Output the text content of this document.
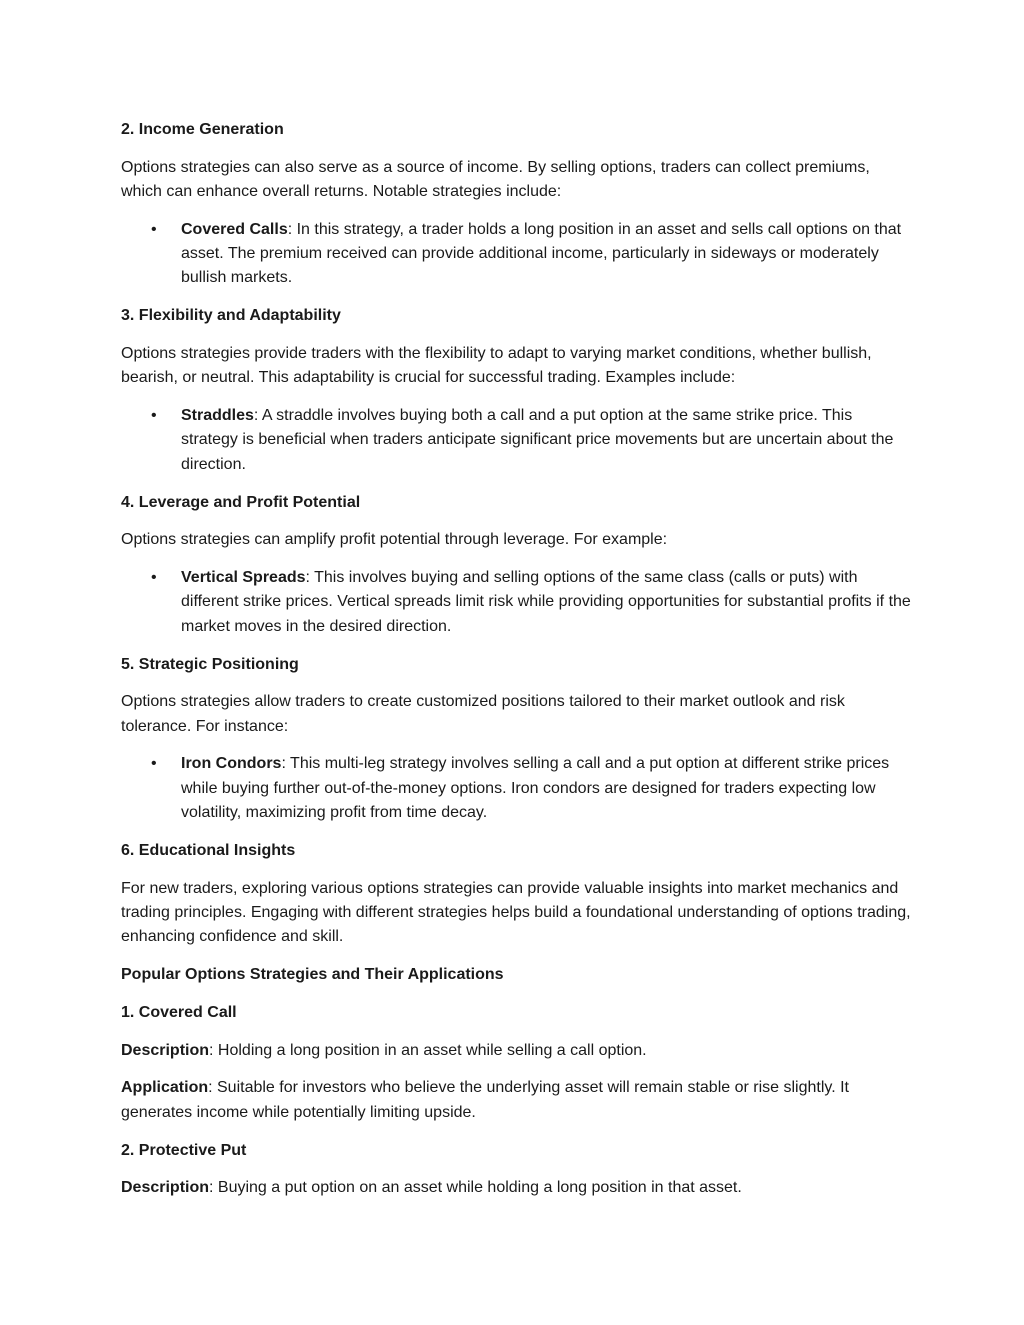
2. Income Generation
Options strategies can also serve as a source of income. By selling options, traders can collect premiums, which can enhance overall returns. Notable strategies include:
• Covered Calls: In this strategy, a trader holds a long position in an asset and sells call options on that asset. The premium received can provide additional income, particularly in sideways or moderately bullish markets.
3. Flexibility and Adaptability
Options strategies provide traders with the flexibility to adapt to varying market conditions, whether bullish, bearish, or neutral. This adaptability is crucial for successful trading. Examples include:
• Straddles: A straddle involves buying both a call and a put option at the same strike price. This strategy is beneficial when traders anticipate significant price movements but are uncertain about the direction.
4. Leverage and Profit Potential
Options strategies can amplify profit potential through leverage. For example:
• Vertical Spreads: This involves buying and selling options of the same class (calls or puts) with different strike prices. Vertical spreads limit risk while providing opportunities for substantial profits if the market moves in the desired direction.
5. Strategic Positioning
Options strategies allow traders to create customized positions tailored to their market outlook and risk tolerance. For instance:
• Iron Condors: This multi-leg strategy involves selling a call and a put option at different strike prices while buying further out-of-the-money options. Iron condors are designed for traders expecting low volatility, maximizing profit from time decay.
6. Educational Insights
For new traders, exploring various options strategies can provide valuable insights into market mechanics and trading principles. Engaging with different strategies helps build a foundational understanding of options trading, enhancing confidence and skill.
Popular Options Strategies and Their Applications
1. Covered Call
Description: Holding a long position in an asset while selling a call option.
Application: Suitable for investors who believe the underlying asset will remain stable or rise slightly. It generates income while potentially limiting upside.
2. Protective Put
Description: Buying a put option on an asset while holding a long position in that asset.
